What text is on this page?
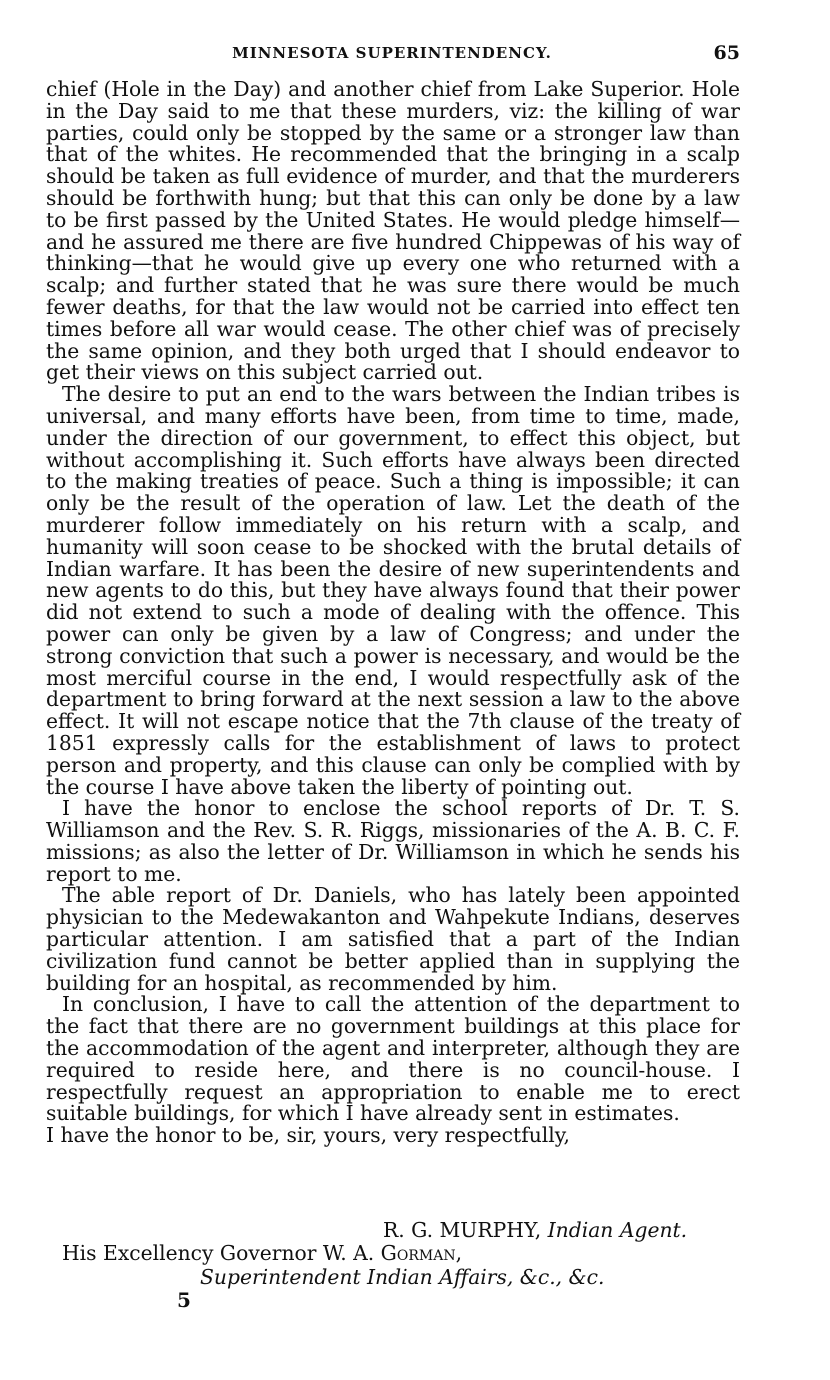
MINNESOTA SUPERINTENDENCY.	65

chief (Hole in the Day) and another chief from Lake Superior. Hole in the Day said to me that these murders, viz: the killing of war parties, could only be stopped by the same or a stronger law than that of the whites. He recommended that the bringing in a scalp should be taken as full evidence of murder, and that the murderers should be forthwith hung; but that this can only be done by a law to be first passed by the United States. He would pledge himself—and he assured me there are five hundred Chippewas of his way of thinking—that he would give up every one who returned with a scalp; and further stated that he was sure there would be much fewer deaths, for that the law would not be carried into effect ten times before all war would cease. The other chief was of precisely the same opinion, and they both urged that I should endeavor to get their views on this subject carried out.

The desire to put an end to the wars between the Indian tribes is universal, and many efforts have been, from time to time, made, under the direction of our government, to effect this object, but without accomplishing it. Such efforts have always been directed to the making treaties of peace. Such a thing is impossible; it can only be the result of the operation of law. Let the death of the murderer follow immediately on his return with a scalp, and humanity will soon cease to be shocked with the brutal details of Indian warfare. It has been the desire of new superintendents and new agents to do this, but they have always found that their power did not extend to such a mode of dealing with the offence. This power can only be given by a law of Congress; and under the strong conviction that such a power is necessary, and would be the most merciful course in the end, I would respectfully ask of the department to bring forward at the next session a law to the above effect. It will not escape notice that the 7th clause of the treaty of 1851 expressly calls for the establishment of laws to protect person and property, and this clause can only be complied with by the course I have above taken the liberty of pointing out.

I have the honor to enclose the school reports of Dr. T. S. Williamson and the Rev. S. R. Riggs, missionaries of the A. B. C. F. missions; as also the letter of Dr. Williamson in which he sends his report to me.

The able report of Dr. Daniels, who has lately been appointed physician to the Medewakanton and Wahpekute Indians, deserves particular attention. I am satisfied that a part of the Indian civilization fund cannot be better applied than in supplying the building for an hospital, as recommended by him.

In conclusion, I have to call the attention of the department to the fact that there are no government buildings at this place for the accommodation of the agent and interpreter, although they are required to reside here, and there is no council-house. I respectfully request an appropriation to enable me to erect suitable buildings, for which I have already sent in estimates.

I have the honor to be, sir, yours, very respectfully,

R. G. MURPHY, Indian Agent.
His Excellency Governor W. A. Gorman,
Superintendent Indian Affairs, &c., &c.
5
